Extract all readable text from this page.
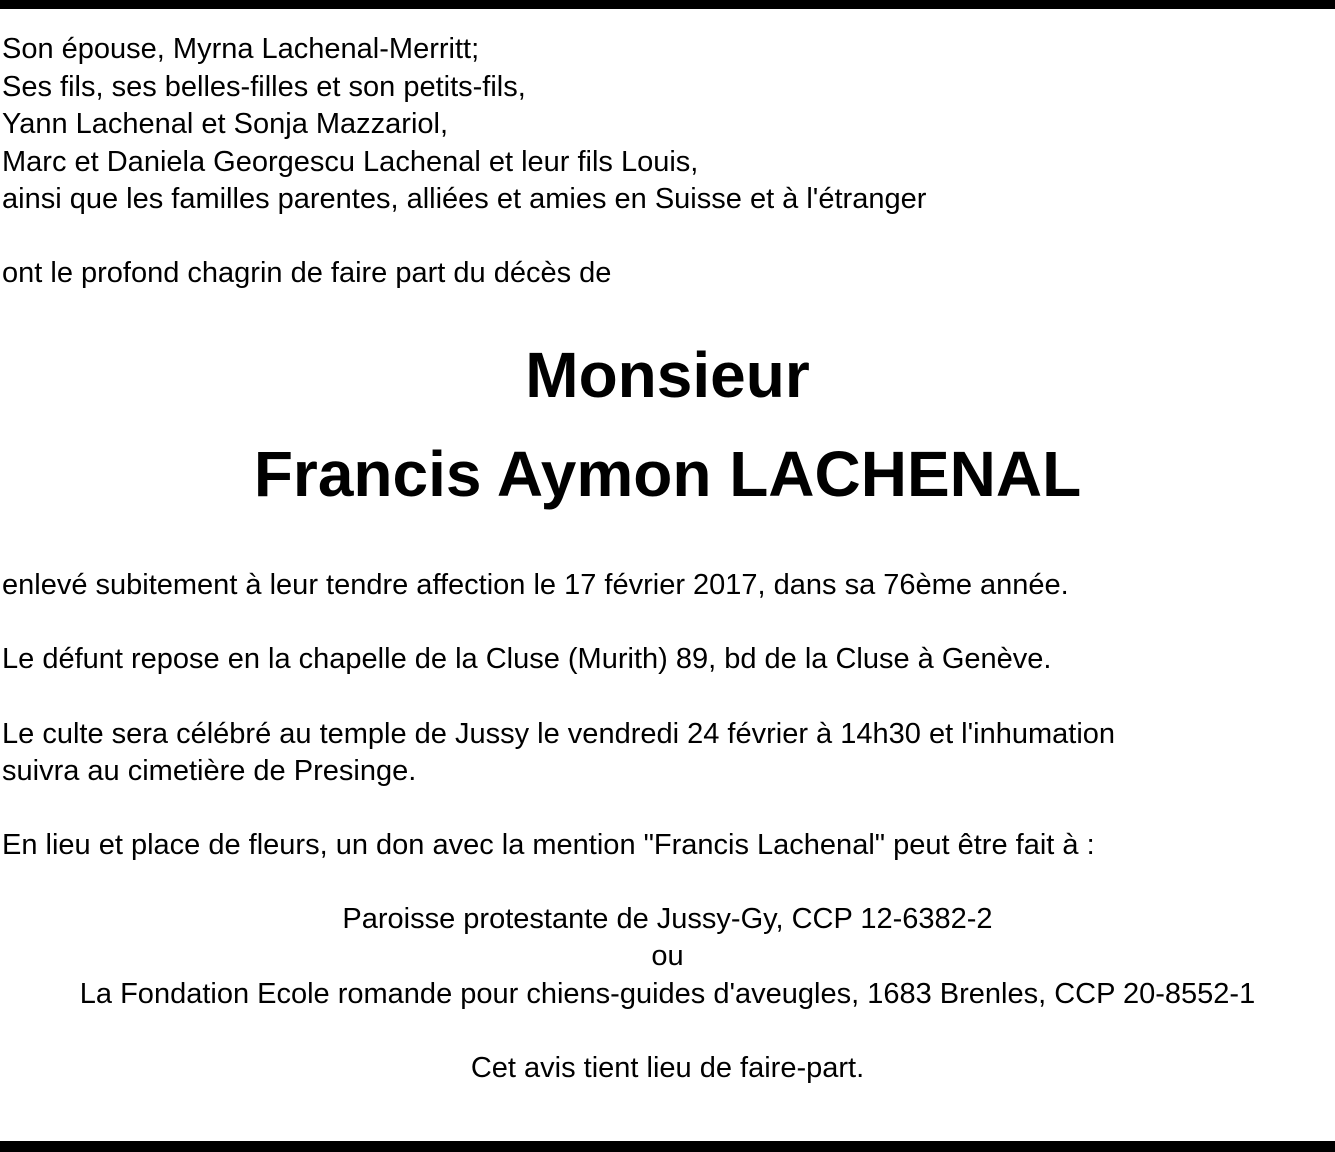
Son épouse, Myrna Lachenal-Merritt;
Ses fils, ses belles-filles et son petits-fils,
Yann Lachenal et Sonja Mazzariol,
Marc et Daniela Georgescu Lachenal et leur fils Louis,
ainsi que les familles parentes, alliées et amies en Suisse et à l'étranger
ont le profond chagrin de faire part du décès de
Monsieur
Francis Aymon LACHENAL
enlevé subitement à leur tendre affection le 17 février 2017, dans sa 76ème année.
Le défunt repose en la chapelle de la Cluse (Murith) 89, bd de la Cluse à Genève.
Le culte sera célébré au temple de Jussy le vendredi 24 février à 14h30 et l'inhumation
suivra au cimetière de Presinge.
En lieu et place de fleurs, un don avec la mention "Francis Lachenal" peut être fait à :
Paroisse protestante de Jussy-Gy, CCP 12-6382-2
ou
La Fondation Ecole romande pour chiens-guides d'aveugles, 1683 Brenles, CCP 20-8552-1
Cet avis tient lieu de faire-part.
